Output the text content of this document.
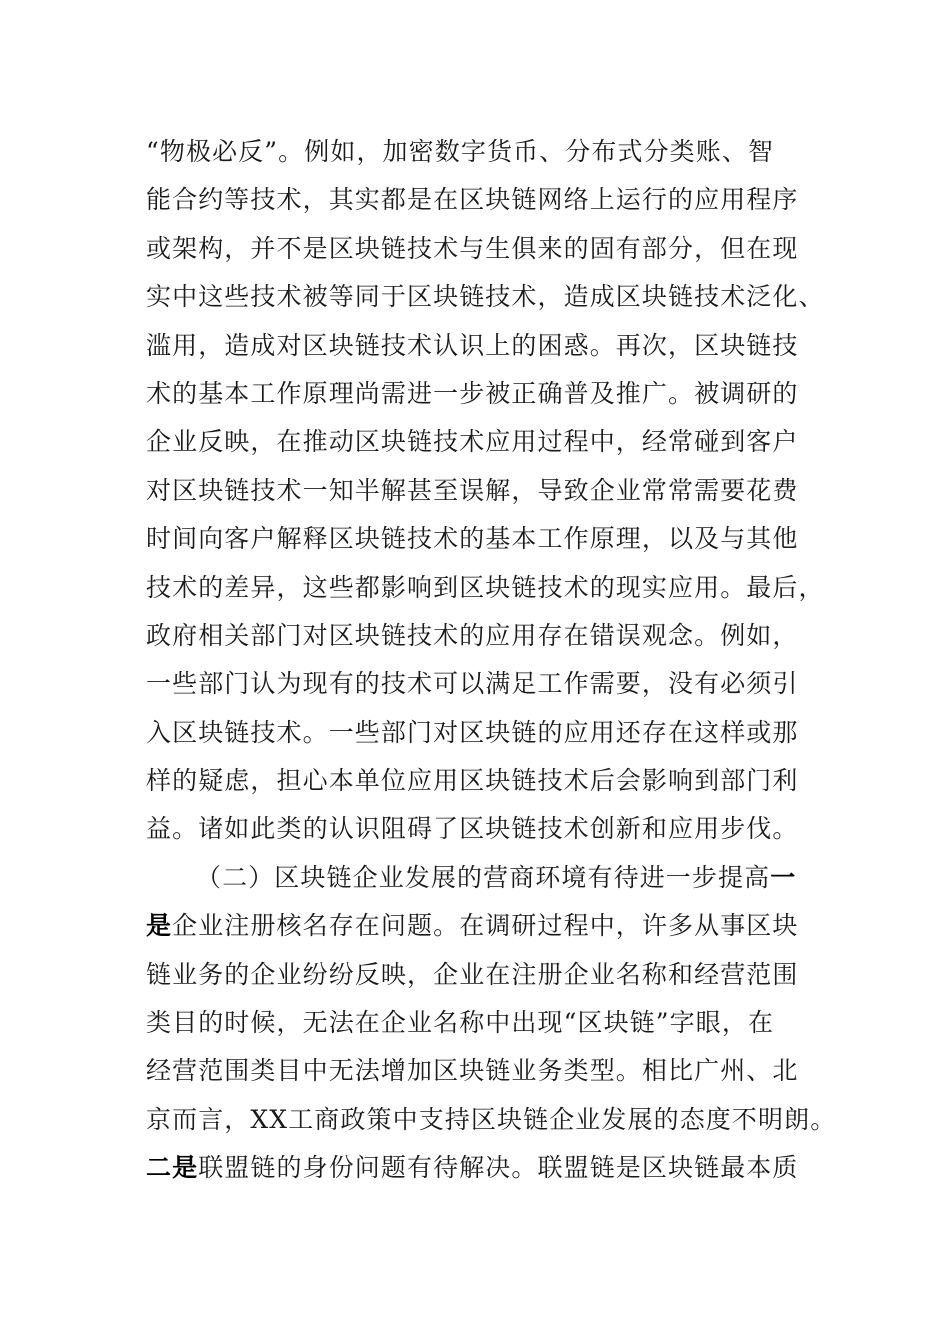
“物极必反”。例如，加密数字货币、分布式分类账、智
能合约等技术，其实都是在区块链网络上运行的应用程序
或架构，并不是区块链技术与生俱来的固有部分，但在现
实中这些技术被等同于区块链技术，造成区块链技术泛化、
滥用，造成对区块链技术认识上的困惑。再次，区块链技
术的基本工作原理尚需进一步被正确普及推广。被调研的
企业反映，在推动区块链技术应用过程中，经常碰到客户
对区块链技术一知半解甚至误解，导致企业常常需要花费
时间向客户解释区块链技术的基本工作原理，以及与其他
技术的差异，这些都影响到区块链技术的现实应用。最后，
政府相关部门对区块链技术的应用存在错误观念。例如，
一些部门认为现有的技术可以满足工作需要，没有必须引
入区块链技术。一些部门对区块链的应用还存在这样或那
样的疑虑，担心本单位应用区块链技术后会影响到部门利
益。诸如此类的认识阻碍了区块链技术创新和应用步伐。
（二）区块链企业发展的营商环境有待进一步提高一
是企业注册核名存在问题。在调研过程中，许多从事区块
链业务的企业纷纷反映，企业在注册企业名称和经营范围
类目的时候，无法在企业名称中出现“区块链”字眼，在
经营范围类目中无法增加区块链业务类型。相比广州、北
京而言，XX工商政策中支持区块链企业发展的态度不明朗。
二是联盟链的身份问题有待解决。联盟链是区块链最本质
